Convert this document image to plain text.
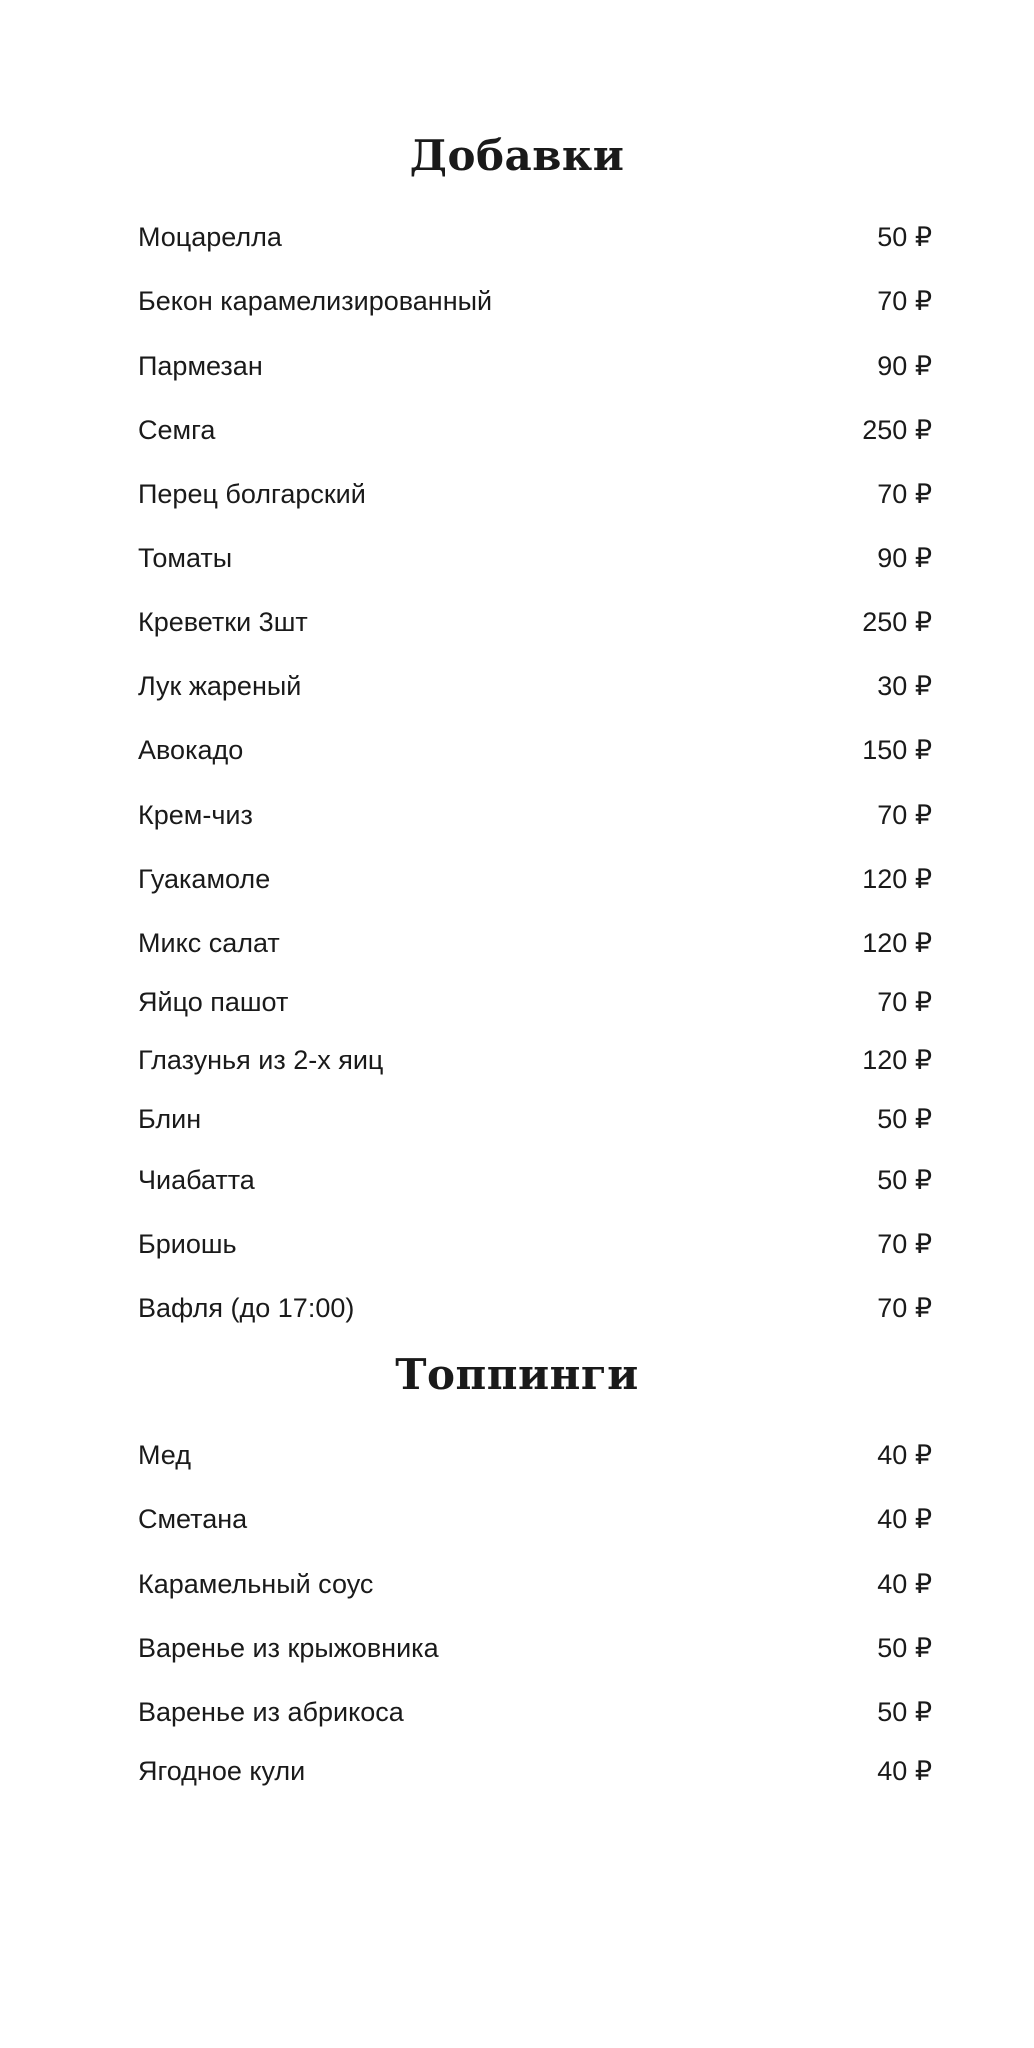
Добавки
Моцарелла	50 ₽
Бекон карамелизированный	70 ₽
Пармезан	90 ₽
Семга	250 ₽
Перец болгарский	70 ₽
Томаты	90 ₽
Креветки 3шт	250 ₽
Лук жареный	30 ₽
Авокадо	150 ₽
Крем-чиз	70 ₽
Гуакамоле	120 ₽
Микс салат	120 ₽
Яйцо пашот	70 ₽
Глазунья из 2-х яиц	120 ₽
Блин	50 ₽
Чиабатта	50 ₽
Бриошь	70 ₽
Вафля (до 17:00)	70 ₽
Топпинги
Мед	40 ₽
Сметана	40 ₽
Карамельный соус	40 ₽
Варенье из крыжовника	50 ₽
Варенье из абрикоса	50 ₽
Ягодное кули	40 ₽
